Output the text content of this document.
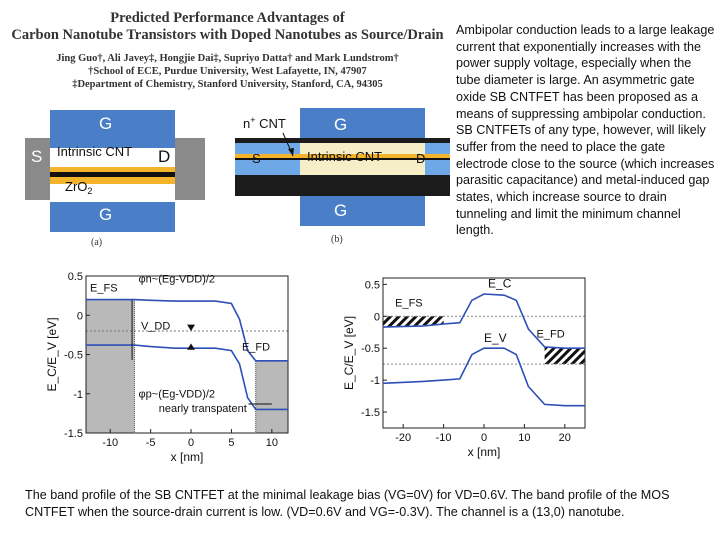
Predicted Performance Advantages of
Carbon Nanotube Transistors with Doped Nanotubes as Source/Drain
Jing Guo†, Ali Javey‡, Hongjie Dai‡, Supriyo Datta† and Mark Lundstrom†
†School of ECE, Purdue University, West Lafayette, IN, 47907
‡Department of Chemistry, Stanford University, Stanford, CA, 94305
Ambipolar conduction leads to a large leakage current that exponentially increases with the power supply voltage, especially when the tube diameter is large. An asymmetric gate oxide SB CNTFET has been proposed as a means of suppressing ambipolar conduction. SB CNTFETs of any type, however, will likely suffer from the need to place the gate electrode close to the source (which increases parasitic capacitance) and metal-induced gap states, which increase source to drain tunneling and limit the minimum channel length.
G
G
S	D
Intrinsic CNT
ZrO$_2$
(a)
G
G
S	D
Intrinsic CNT
n+ CNT
(b)
-10	-5	0	5	10
0.5
0
-0.5
-1
-1.5
x [nm]
E_C/E_V [eV]
E_FS
E_FD
V_DD
φn~(Eg-VDD)/2
φp~(Eg-VDD)/2
nearly transpatent
-20 -10	0	10	20
0.5
0
-0.5
-1
-1.5
x [nm]
E_C/E_V [eV]
E_FS
E_C
E_V	E_FD
The band profile of the SB CNTFET at the minimal leakage bias (VG=0V) for VD=0.6V. The band profile of the MOS CNTFET when the source-drain current is low. (VD=0.6V and VG=-0.3V). The channel is a (13,0) nanotube.
